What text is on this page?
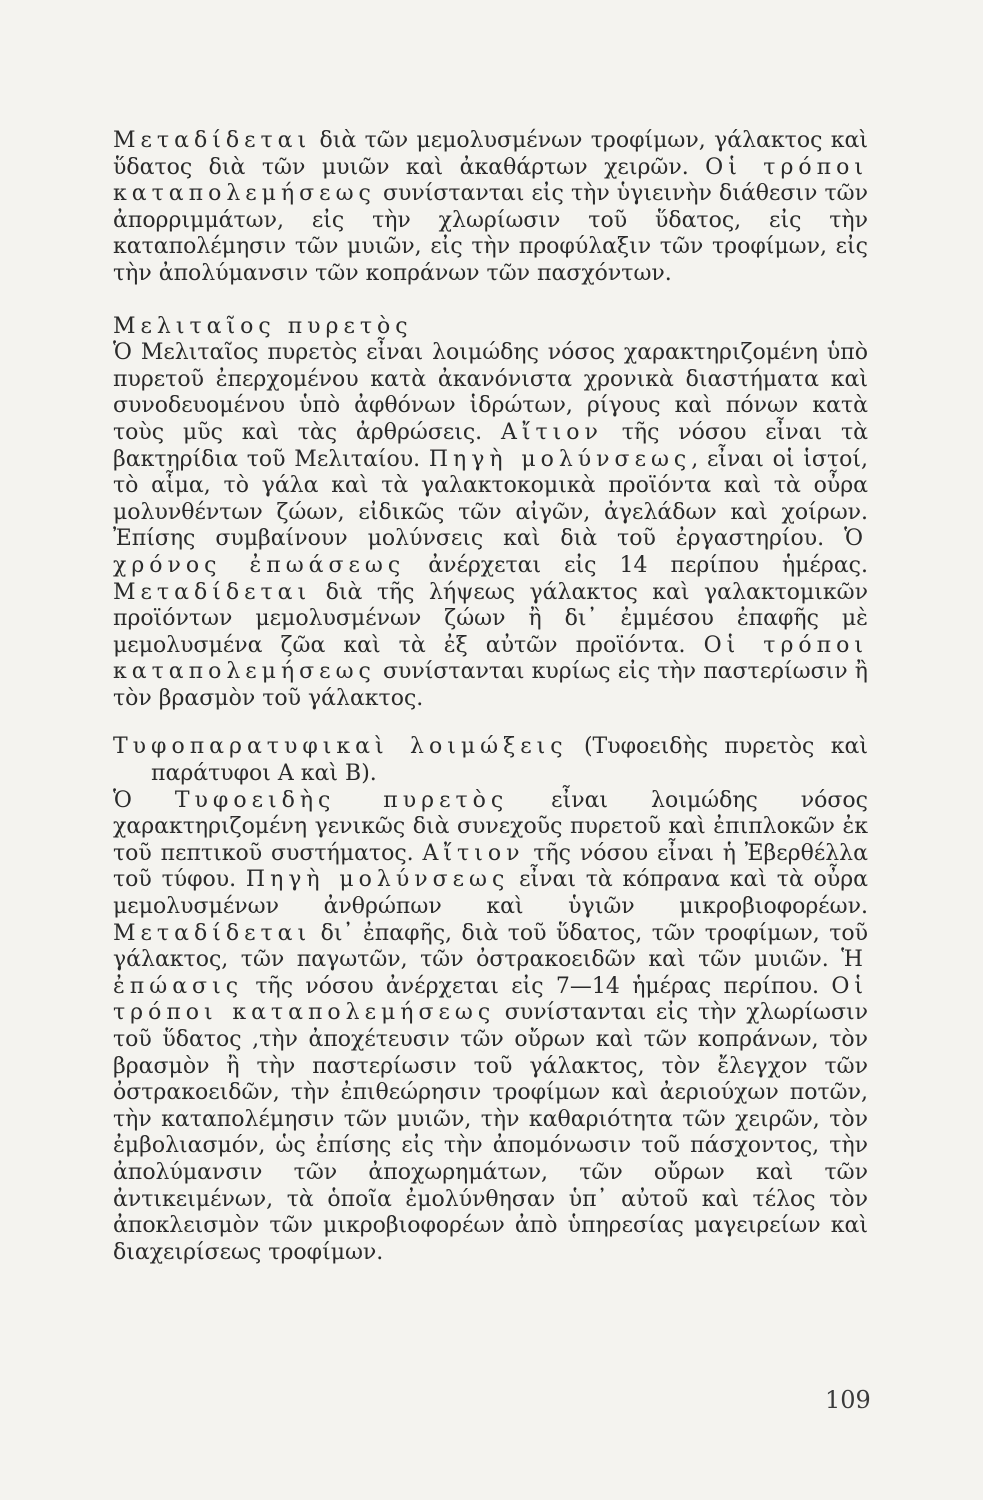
Μεταδίδεται διὰ τῶν μεμολυσμένων τροφίμων, γάλακτος καὶ ὕδατος διὰ τῶν μυιῶν καὶ ἀκαθάρτων χειρῶν. Οἱ τρόποι καταπολεμήσεως συνίστανται εἰς τὴν ὑγιεινὴν διάθεσιν τῶν ἀπορριμμάτων, εἰς τὴν χλωρίωσιν τοῦ ὕδατος, εἰς τὴν καταπολέμησιν τῶν μυιῶν, εἰς τὴν προφύλαξιν τῶν τροφίμων, εἰς τὴν ἀπολύμανσιν τῶν κοπράνων τῶν πασχόντων.

Μελιταῖος πυρετὸς

Ὁ Μελιταῖος πυρετὸς εἶναι λοιμώδης νόσος χαρακτηριζομένη ὑπὸ πυρετοῦ ἐπερχομένου κατὰ ἀκανόνιστα χρονικὰ διαστήματα καὶ συνοδευομένου ὑπὸ ἀφθόνων ἱδρώτων, ρίγους καὶ πόνων κατὰ τοὺς μῦς καὶ τὰς ἀρθρώσεις. Αἴτιον τῆς νόσου εἶναι τὰ βακτηρίδια τοῦ Μελιταίου. Πηγὴ μολύνσεως, εἶναι οἱ ἱστοί, τὸ αἷμα, τὸ γάλα καὶ τὰ γαλακτοκομικὰ προϊόντα καὶ τὰ οὖρα μολυνθέντων ζώων, εἰδικῶς τῶν αἰγῶν, ἀγελάδων καὶ χοίρων. Ἐπίσης συμβαίνουν μολύνσεις καὶ διὰ τοῦ ἐργαστηρίου. Ὁ χρόνος ἐπωάσεως ἀνέρχεται εἰς 14 περίπου ἡμέρας. Μεταδίδεται διὰ τῆς λήψεως γάλακτος καὶ γαλακτομικῶν προϊόντων μεμολυσμένων ζώων ἢ δι᾽ ἐμμέσου ἐπαφῆς μὲ μεμολυσμένα ζῶα καὶ τὰ ἐξ αὐτῶν προϊόντα. Οἱ τρόποι καταπολεμήσεως συνίστανται κυρίως εἰς τὴν παστερίωσιν ἢ τὸν βρασμὸν τοῦ γάλακτος.

Τυφοπαρατυφικαὶ λοιμώξεις (Τυφοειδὴς πυρετὸς καὶ παράτυφοι Α καὶ Β).

Ὁ Τυφοειδὴς πυρετὸς εἶναι λοιμώδης νόσος χαρακτηριζομένη γενικῶς διὰ συνεχοῦς πυρετοῦ καὶ ἐπιπλοκῶν ἐκ τοῦ πεπτικοῦ συστήματος. Αἴτιον τῆς νόσου εἶναι ἡ Ἐβερθέλλα τοῦ τύφου. Πηγὴ μολύνσεως εἶναι τὰ κόπρανα καὶ τὰ οὖρα μεμολυσμένων ἀνθρώπων καὶ ὑγιῶν μικροβιοφορέων. Μεταδίδεται δι᾽ ἐπαφῆς, διὰ τοῦ ὕδατος, τῶν τροφίμων, τοῦ γάλακτος, τῶν παγωτῶν, τῶν ὀστρακοειδῶν καὶ τῶν μυιῶν. Ἡ ἐπώασις τῆς νόσου ἀνέρχεται εἰς 7—14 ἡμέρας περίπου. Οἱ τρόποι καταπολεμήσεως συνίστανται εἰς τὴν χλωρίωσιν τοῦ ὕδατος ,τὴν ἀποχέτευσιν τῶν οὔρων καὶ τῶν κοπράνων, τὸν βρασμὸν ἢ τὴν παστερίωσιν τοῦ γάλακτος, τὸν ἔλεγχον τῶν ὀστρακοειδῶν, τὴν ἐπιθεώρησιν τροφίμων καὶ ἀεριούχων ποτῶν, τὴν καταπολέμησιν τῶν μυιῶν, τὴν καθαριότητα τῶν χειρῶν, τὸν ἐμβολιασμόν, ὡς ἐπίσης εἰς τὴν ἀπομόνωσιν τοῦ πάσχοντος, τὴν ἀπολύμανσιν τῶν ἀποχωρημάτων, τῶν οὔρων καὶ τῶν ἀντικειμένων, τὰ ὁποῖα ἐμολύνθησαν ὑπ᾽ αὐτοῦ καὶ τέλος τὸν ἀποκλεισμὸν τῶν μικροβιοφορέων ἀπὸ ὑπηρεσίας μαγειρείων καὶ διαχειρίσεως τροφίμων.

109
